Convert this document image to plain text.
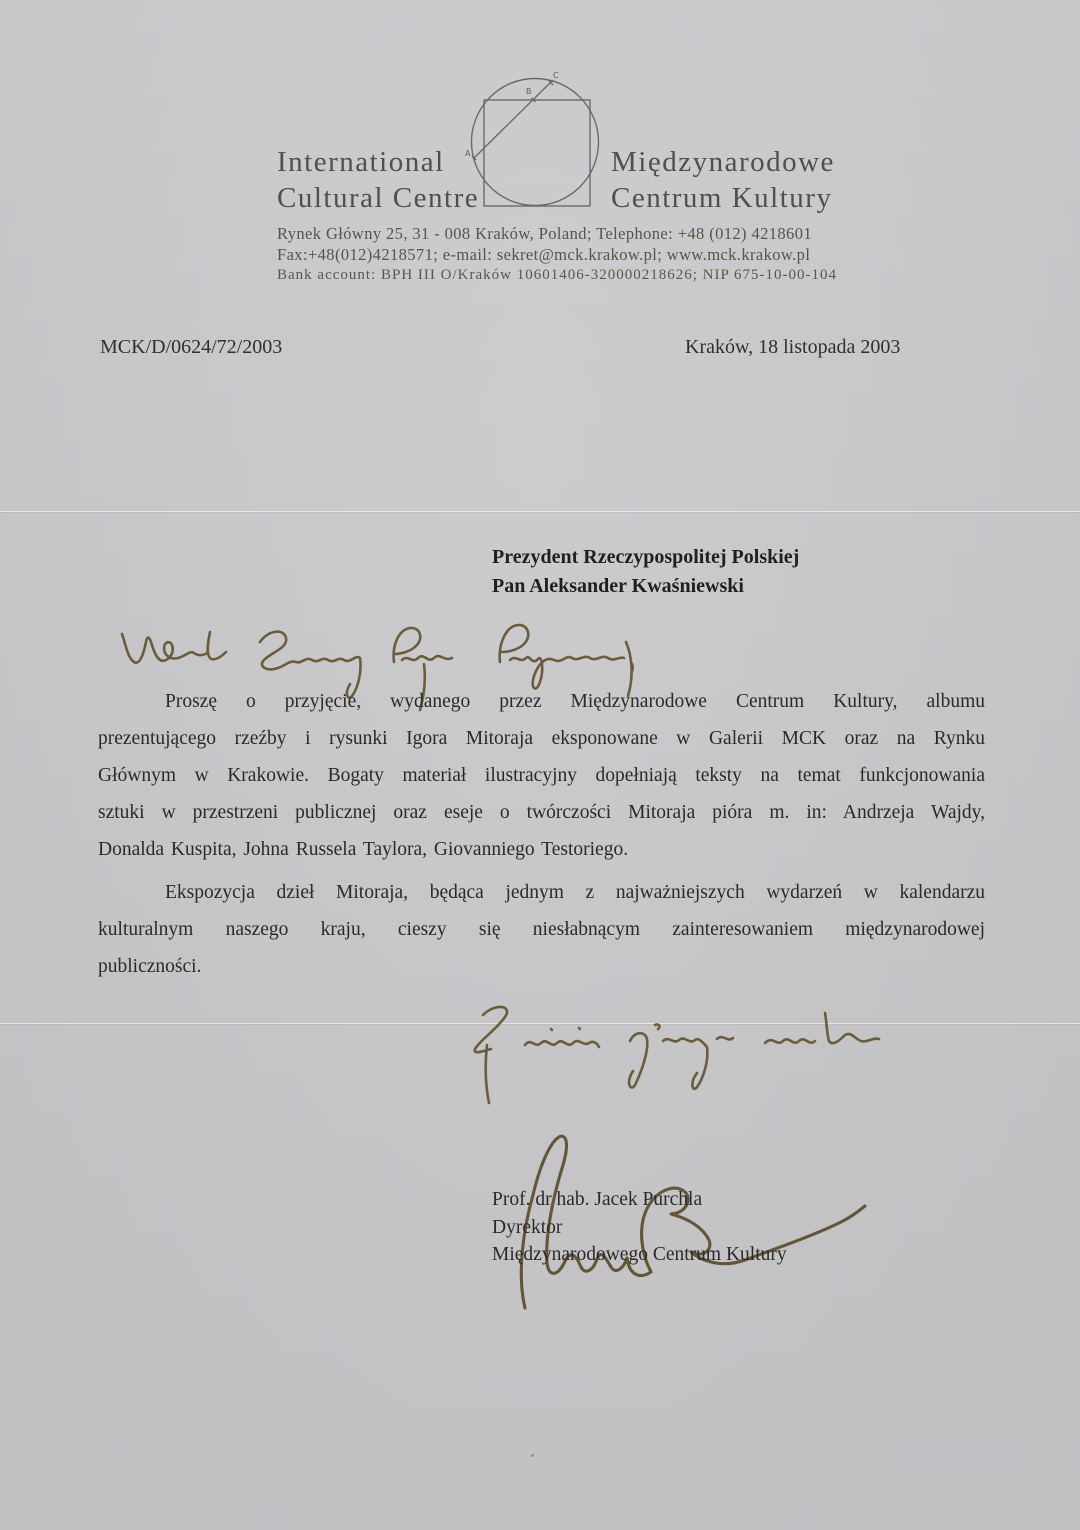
A
B
C
International
Cultural Centre
Międzynarodowe
Centrum Kultury
Rynek Główny 25, 31 - 008 Kraków, Poland; Telephone: +48 (012) 4218601
Fax:+48(012)4218571; e-mail: sekret@mck.krakow.pl; www.mck.krakow.pl
Bank account: BPH III O/Kraków 10601406-320000218626; NIP 675-10-00-104
MCK/D/0624/72/2003	Kraków, 18 listopada 2003
Prezydent Rzeczypospolitej Polskiej
Pan Aleksander Kwaśniewski
Proszę o przyjęcie, wydanego przez Międzynarodowe Centrum Kultury, albumu
prezentującego rzeźby i rysunki Igora Mitoraja eksponowane w Galerii MCK oraz na Rynku
Głównym w Krakowie. Bogaty materiał ilustracyjny dopełniają teksty na temat funkcjonowania
sztuki w przestrzeni publicznej oraz eseje o twórczości Mitoraja pióra m. in: Andrzeja Wajdy,
Donalda Kuspita, Johna Russela Taylora, Giovanniego Testoriego.
Ekspozycja dzieł Mitoraja, będąca jednym z najważniejszych wydarzeń w kalendarzu
kulturalnym naszego kraju, cieszy się niesłabnącym zainteresowaniem międzynarodowej
publiczności.
Prof. dr hab. Jacek Purchla
Dyrektor
Międzynarodowego Centrum Kultury
